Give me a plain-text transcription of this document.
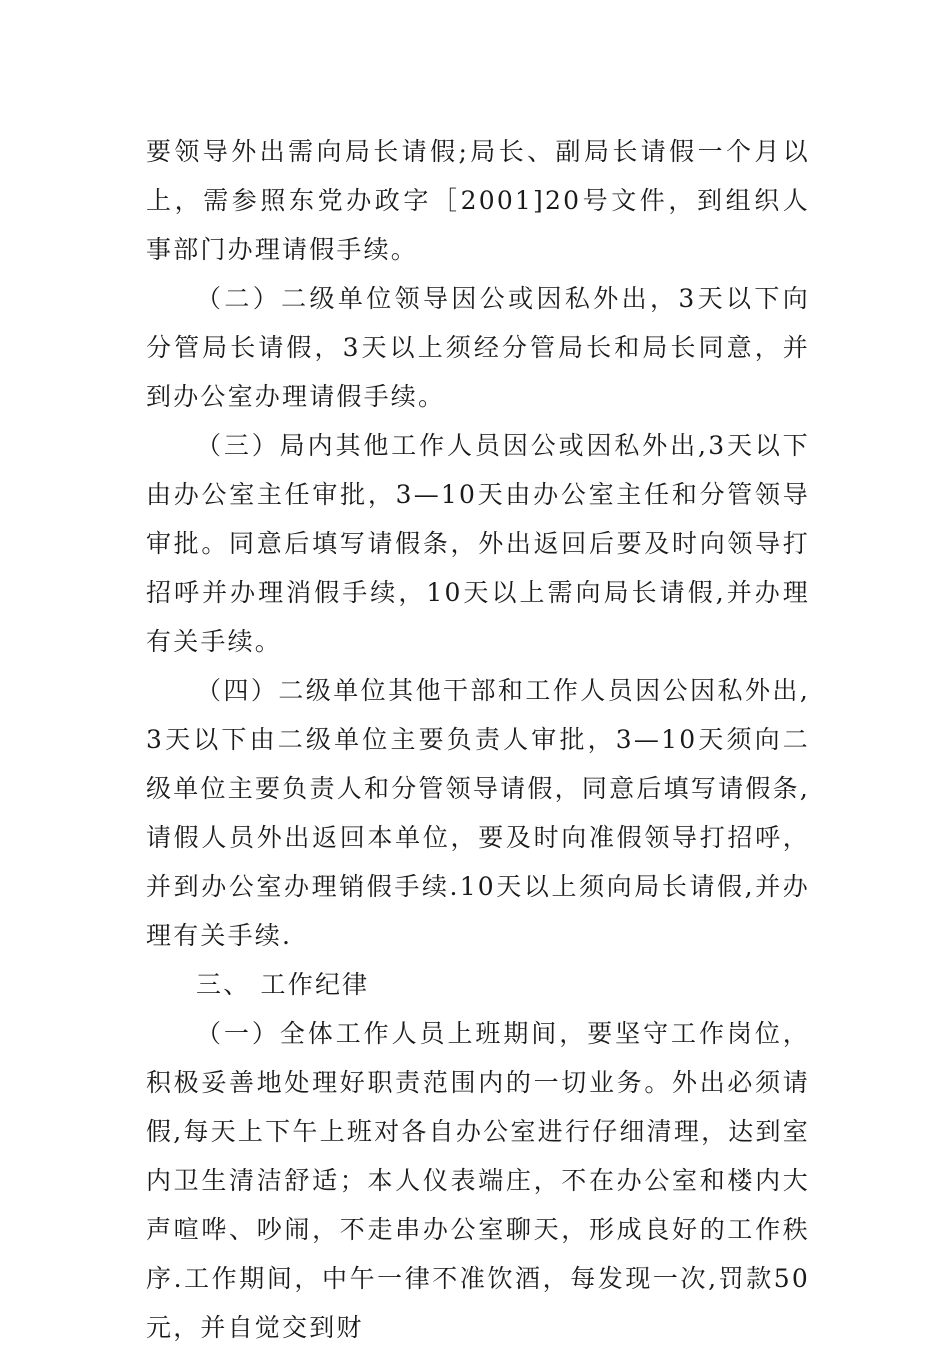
要领导外出需向局长请假;局长、副局长请假一个月以上，需参照东党办政字［2001]20号文件，到组织人事部门办理请假手续。

（二）二级单位领导因公或因私外出，3天以下向分管局长请假，3天以上须经分管局长和局长同意，并到办公室办理请假手续。

（三）局内其他工作人员因公或因私外出,3天以下由办公室主任审批，3—10天由办公室主任和分管领导审批。同意后填写请假条，外出返回后要及时向领导打招呼并办理消假手续，10天以上需向局长请假,并办理有关手续。

（四）二级单位其他干部和工作人员因公因私外出,3天以下由二级单位主要负责人审批，3—10天须向二级单位主要负责人和分管领导请假，同意后填写请假条,请假人员外出返回本单位，要及时向准假领导打招呼，并到办公室办理销假手续.10天以上须向局长请假,并办理有关手续.

三、 工作纪律

（一）全体工作人员上班期间，要坚守工作岗位，积极妥善地处理好职责范围内的一切业务。外出必须请假,每天上下午上班对各自办公室进行仔细清理，达到室内卫生清洁舒适；本人仪表端庄，不在办公室和楼内大声喧哗、吵闹，不走串办公室聊天，形成良好的工作秩序.工作期间，中午一律不准饮酒，每发现一次,罚款50元，并自觉交到财
